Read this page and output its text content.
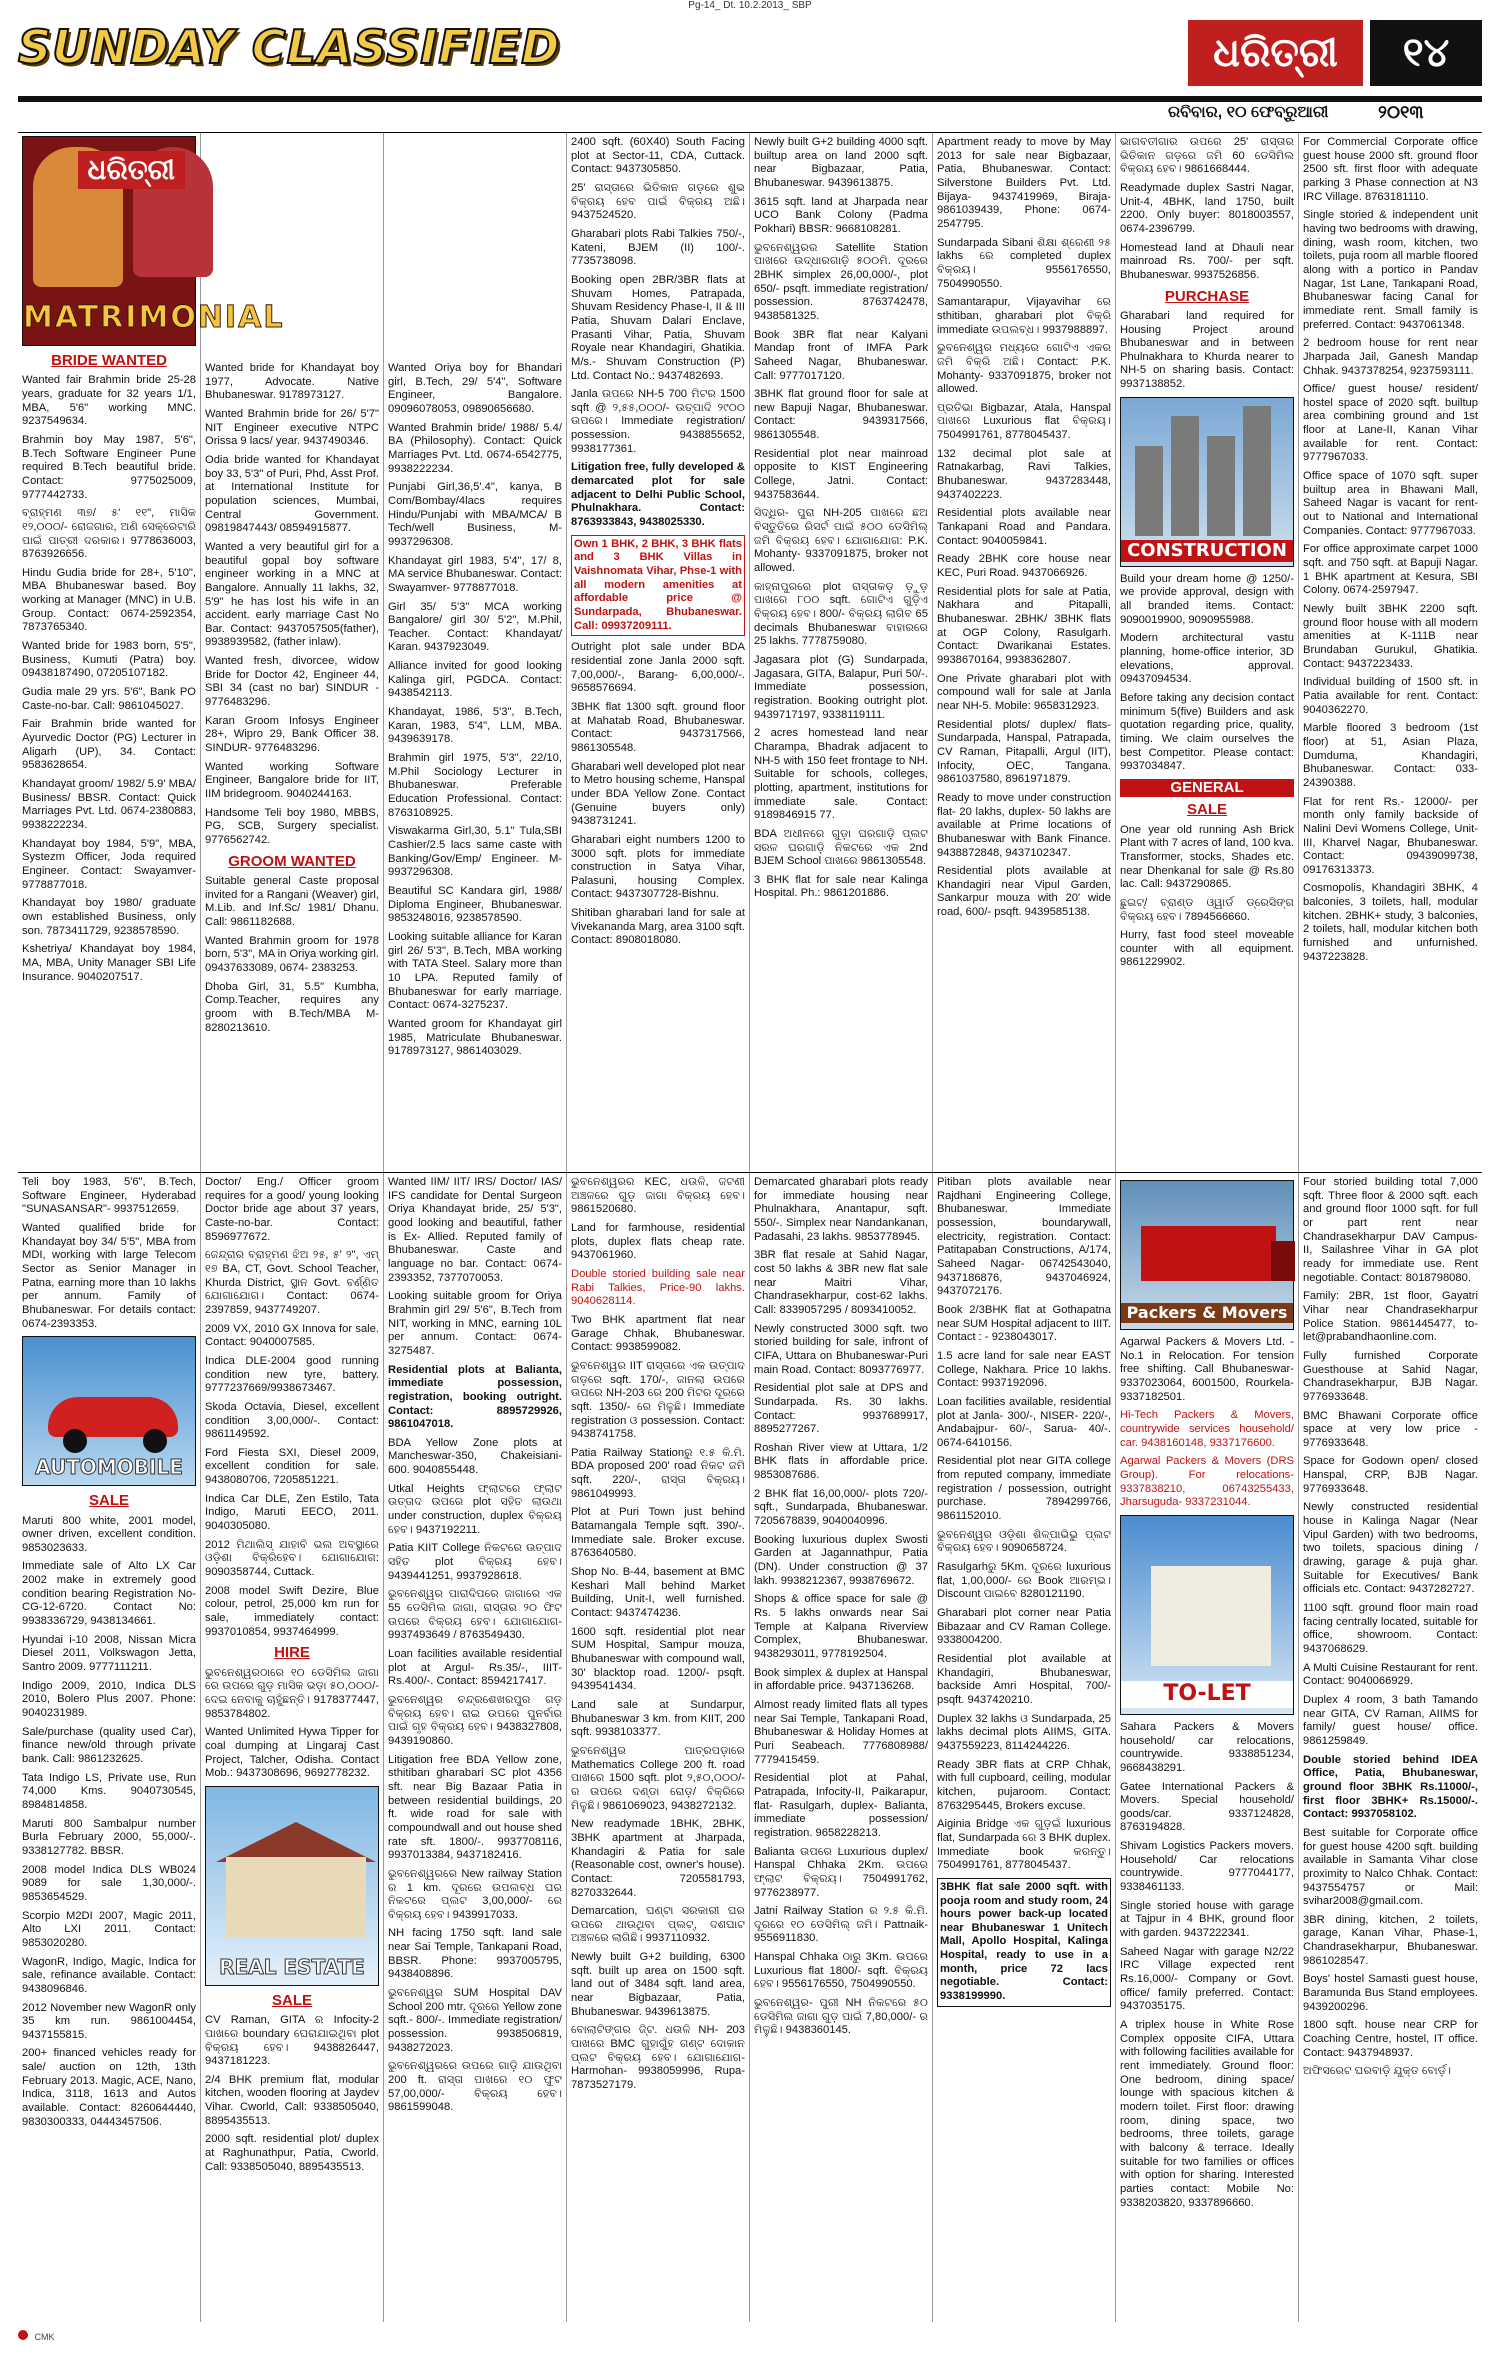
Pg-14_ Dt. 10.2.2013_ SBP
SUNDAY CLASSIFIED	ଧରିତ୍ରୀ	୧୪
ରବିବାର, ୧୦ ଫେବ୍ରୁଆରୀ	୨୦୧୩
ଧରିତ୍ରୀ
MATRIMONIAL
BRIDE WANTED
Wanted fair Brahmin bride 25-28 years, graduate for 32 years 1/1, MBA, 5'6" working MNC. 9237549634.
Brahmin boy May 1987, 5'6", B.Tech Software Engineer Pune required B.Tech beautiful bride. Contact: 9775025009, 9777442733.
ବ୍ରାହ୍ମଣ ୩୭/ ୫' ୧୧", ମାସିକ ୧୨,୦୦୦/- ରୋଜଗାର, ଅଣି ସେକ୍ରେଟାରି ପାଇଁ ପାତ୍ରୀ ଦରକାର। 9778636003, 8763926656.
Hindu Gudia bride for 28+, 5'10", MBA Bhubaneswar based. Boy working at Manager (MNC) in U.B. Group. Contact: 0674-2592354, 7873765340.
Wanted bride for 1983 born, 5'5", Business, Kumuti (Patra) boy. 09438187490, 07205107182.
Gudia male 29 yrs. 5'6", Bank PO Caste-no-bar. Call: 9861045027.
Fair Brahmin bride wanted for Ayurvedic Doctor (PG) Lecturer in Aligarh (UP), 34. Contact: 9583628654.
Khandayat groom/ 1982/ 5.9' MBA/ Business/ BBSR. Contact: Quick Marriages Pvt. Ltd. 0674-2380883, 9938222234.
Khandayat boy 1984, 5'9", MBA, Systezm Officer, Joda required Engineer. Contact: Swayamver- 9778877018.
Khandayat boy 1980/ graduate own established Business, only son. 7873411729, 9238578590.
Kshetriya/ Khandayat boy 1984, MA, MBA, Unity Manager SBI Life Insurance. 9040207517.
Wanted bride for Khandayat boy 1977, Advocate. Native Bhubaneswar. 9178973127.
Wanted Brahmin bride for 26/ 5'7" NIT Engineer executive NTPC Orissa 9 lacs/ year. 9437490346.
Odia bride wanted for Khandayat boy 33, 5'3" of Puri, Phd, Asst Prof. at International Institute for population sciences, Mumbai, Central Government. 09819847443/ 08594915877.
Wanted a very beautiful girl for a beautiful gopal boy software engineer working in a MNC at Bangalore. Annually 11 lakhs, 32, 5'9" he has lost his wife in an accident. early marriage Cast No Bar. Contact: 9437057505(father), 9938939582, (father inlaw).
Wanted fresh, divorcee, widow Bride for Doctor 42, Engineer 44, SBI 34 (cast no bar) SINDUR - 9776483296.
Karan Groom Infosys Engineer 28+, Wipro 29, Bank Officer 38. SINDUR- 9776483296.
Wanted working Software Engineer, Bangalore bride for IIT, IIM bridegroom. 9040244163.
Handsome Teli boy 1980, MBBS, PG, SCB, Surgery specialist. 9776562742.
GROOM WANTED
Suitable general Caste proposal invited for a Rangani (Weaver) girl, M.Lib. and Inf.Sc/ 1981/ Dhanu. Call: 9861182688.
Wanted Brahmin groom for 1978 born, 5'3", MA in Oriya working girl. 09437633089, 0674- 2383253.
Dhoba Girl, 31, 5.5" Kumbha, Comp.Teacher, requires any groom with B.Tech/MBA M- 8280213610.
Wanted Oriya boy for Bhandari girl, B.Tech, 29/ 5'4", Software Engineer, Bangalore. 09096078053, 09890656680.
Wanted Brahmin bride/ 1988/ 5.4/ BA (Philosophy). Contact: Quick Marriages Pvt. Ltd. 0674-6542775, 9938222234.
Punjabi Girl,36,5'.4", kanya, B Com/Bombay/4lacs requires Hindu/Punjabi with MBA/MCA/ B Tech/well Business, M-9937296308.
Khandayat girl 1983, 5'4", 17/ 8, MA service Bhubaneswar. Contact: Swayamver- 9778877018.
Girl 35/ 5'3" MCA working Bangalore/ girl 30/ 5'2", M.Phil, Teacher. Contact: Khandayat/ Karan. 9437923049.
Alliance invited for good looking Kalinga girl, PGDCA. Contact: 9438542113.
Khandayat, 1986, 5'3", B.Tech, Karan, 1983, 5'4", LLM, MBA. 9439639178.
Brahmin girl 1975, 5'3", 22/10, M.Phil Sociology Lecturer in Bhubaneswar. Preferable Education Professional. Contact: 8763108925.
Viswakarma Girl,30, 5.1" Tula,SBI Cashier/2.5 lacs same caste with Banking/Gov/Emp/ Engineer. M-9937296308.
Beautiful SC Kandara girl, 1988/ Diploma Engineer, Bhubaneswar. 9853248016, 9238578590.
Looking suitable alliance for Karan girl 26/ 5'3", B.Tech, MBA working with TATA Steel. Salary more than 10 LPA. Reputed family of Bhubaneswar for early marriage. Contact: 0674-3275237.
Wanted groom for Khandayat girl 1985, Matriculate Bhubaneswar. 9178973127, 9861403029.
2400 sqft. (60X40) South Facing plot at Sector-11, CDA, Cuttack. Contact: 9437305850.
25' ରାସ୍ତାରେ ଭିତିକାନ ଗଡ଼ରେ ଶୁଭ ବିକ୍ରୟ ହେବ ପାଇଁ ବିକ୍ରୟ ଅଛି। 9437524520.
Gharabari plots Rabi Talkies 750/-, Kateni, BJEM (II) 100/-. 7735738098.
Booking open 2BR/3BR flats at Shuvam Homes, Patrapada, Shuvam Residency Phase-I, II & III Patia, Shuvam Dalari Enclave, Prasanti Vihar, Patia, Shuvam Royale near Khandagiri, Ghatikia. M/s.- Shuvam Construction (P) Ltd. Contact No.: 9437482693.
Janla ଉପରେ NH-5 700 ମିଟର 1500 sqft @ ୨,୫୫,୦୦୦/- ଉତ୍ପାଦି ୨୯୦୦ ଉପରେ। Immediate registration/ possession. 9438855652, 9938177361.
Litigation free, fully developed & demarcated plot for sale adjacent to Delhi Public School, Phulnakhara. Contact: 8763933843, 9438025330.
Own 1 BHK, 2 BHK, 3 BHK flats and 3 BHK Villas in Vaishnomata Vihar, Phse-1 with all modern amenities at affordable price @ Sundarpada, Bhubaneswar. Call: 09937209111.
Outright plot sale under BDA residential zone Janla 2000 sqft. 7,00,000/-, Barang- 6,00,000/-. 9658576694.
3BHK flat 1300 sqft. ground floor at Mahatab Road, Bhubaneswar. Contact: 9437317566, 9861305548.
Gharabari well developed plot near to Metro housing scheme, Hanspal under BDA Yellow Zone. Contact (Genuine buyers only) 9438731241.
Gharabari eight numbers 1200 to 3000 sqft. plots for immediate construction in Satya Vihar, Palasuni, housing Complex. Contact: 9437307728-Bishnu.
Shitiban gharabari land for sale at Vivekananda Marg, area 3100 sqft. Contact: 8908018080.
Newly built G+2 building 4000 sqft. builtup area on land 2000 sqft. near Bigbazaar, Patia, Bhubaneswar. 9439613875.
3615 sqft. land at Jharpada near UCO Bank Colony (Padma Pokhari) BBSR: 9668108281.
ଭୁବନେଶ୍ୱରର Satellite Station ପାଖରେ ଉଦ୍ଧାରଗାଡ଼ି ୫୦୦ମି. ଦୂରରେ 2BHK simplex 26,00,000/-, plot 650/- psqft. immediate registration/ possession. 8763742478, 9438581325.
Book 3BR flat near Kalyani Mandap front of IMFA Park Saheed Nagar, Bhubaneswar. Call: 9777017120.
3BHK flat ground floor for sale at new Bapuji Nagar, Bhubaneswar. Contact: 9439317566, 9861305548.
Residential plot near mainroad opposite to KIST Engineering College, Jatni. Contact: 9437583644.
ସିଦ୍ଧିର- ପୁରା NH-205 ପାଖରେ ଛଅ ବିସ୍ତୁତିରେ ରିସର୍ଟ ପାଇଁ ୫୦୦ ଡେସିମିଲ୍ ଜମି ବିକ୍ରୟ ହେବ। ଯୋଗାଯୋଗ: P.K. Mohanty- 9337091875, broker not allowed.
କାହ୍ନାପୁରରେ plot ରାସ୍ତାକଡ଼ ଡ଼ୁଡ଼ ପାଖରେ ୮୦୦ sqft. ଗୋଟିଏ ଗୁଡ଼ିଏ ବିକ୍ରୟ ହେବ। 800/- ବିକ୍ରୟ ଲାଗିବ 65 decimals Bhubaneswar ବାହାରରେ 25 lakhs. 7778759080.
Jagasara plot (G) Sundarpada, Jagasara, GITA, Balapur, Puri 50/-. Immediate possession, registration. Booking outright plot. 9439717197, 9338119111.
2 acres homestead land near Charampa, Bhadrak adjacent to NH-5 with 150 feet frontage to NH. Suitable for schools, colleges, plotting, apartment, institutions for immediate sale. Contact: 9189846915 77.
BDA ଅଧୀନରେ ଗୁଡ଼ା ଘରଗାଡ଼ି ପ୍ଲଟ ସରଳ ଘରଗାଡ଼ି ନିକଟରେ ଏକ 2nd BJEM School ପାଖରେ 9861305548.
3 BHK flat for sale near Kalinga Hospital. Ph.: 9861201886.
Apartment ready to move by May 2013 for sale near Bigbazaar, Patia, Bhubaneswar. Contact: Silverstone Builders Pvt. Ltd. Bijaya- 9437419969, Biraja- 9861039439, Phone: 0674-2547795.
Sundarpada Sibani ଶିକ୍ଷା ଶ୍ରେଣୀ ୨୫ lakhs ରେ completed duplex ବିକ୍ରୟ। 9556176550, 7504990550.
Samantarapur, Vijayavihar ରେ sthitiban, gharabari plot ବିକ୍ରି immediate ଉପଲବ୍ଧ। 9937988897.
ଭୁବନେଶ୍ୱର ମଧ୍ୟରେ ଗୋଟିଏ ଏକର ଜମି ବିକ୍ରି ଅଛି। Contact: P.K. Mohanty- 9337091875, broker not allowed.
ପ୍ରତିଭା Bigbazar, Atala, Hanspal ପାଖରେ Luxurious flat ବିକ୍ରୟ। 7504991761, 8778045437.
132 decimal plot sale at Ratnakarbag, Ravi Talkies, Bhubaneswar. 9437283448, 9437402223.
Residential plots available near Tankapani Road and Pandara. Contact: 9040059841.
Ready 2BHK core house near KEC, Puri Road. 9437066926.
Residential plots for sale at Patia, Nakhara and Pitapalli, Bhubaneswar. 2BHK/ 3BHK flats at OGP Colony, Rasulgarh. Contact: Dwarikanai Estates. 9938670164, 9938362807.
One Private gharabari plot with compound wall for sale at Janla near NH-5. Mobile: 9658312923.
Residential plots/ duplex/ flats- Sundarpada, Hanspal, Patrapada, CV Raman, Pitapalli, Argul (IIT), Infocity, OEC, Tangana. 9861037580, 8961971879.
Ready to move under construction flat- 20 lakhs, duplex- 50 lakhs are available at Prime locations of Bhubaneswar with Bank Finance. 9438872848, 9437102347.
Residential plots available at Khandagiri near Vipul Garden, Sankarpur mouza with 20' wide road, 600/- psqft. 9439585138.
ଭାଗବତୀଗାର ଉପରେ 25' ରାସ୍ତାର ଭିତିକାନ ଗଡ଼ରେ ଜମି 60 ଡେସିମିଲ ବିକ୍ରୟ ହେବ। 9861668444.
Readymade duplex Sastri Nagar, Unit-4, 4BHK, land 1750, built 2200. Only buyer: 8018003557, 0674-2396799.
Homestead land at Dhauli near mainroad Rs. 700/- per sqft. Bhubaneswar. 9937526856.
PURCHASE
Gharabari land required for Housing Project around Bhubaneswar and in between Phulnakhara to Khurda nearer to NH-5 on sharing basis. Contact: 9937138852.
CONSTRUCTION
Build your dream home @ 1250/- we provide approval, design with all branded items. Contact: 9090019900, 9090955988.
Modern architectural vastu planning, home-office interior, 3D elevations, approval. 09437094534.
Before taking any decision contact minimum 5(five) Builders and ask quotation regarding price, quality, timing. We claim ourselves the best Competitor. Please contact: 9937034847.
GENERAL
SALE
One year old running Ash Brick Plant with 7 acres of land, 100 kva. Transformer, stocks, Shades etc. near Dhenkanal for sale @ Rs.80 lac. Call: 9437290865.
ଛୁଇଟ୍/ ବ୍ରାଣ୍ଡ ଓ୍ୱାର୍ଡ ଡ୍ରେସିଙ୍ଗ ବିକ୍ରୟ ହେବ। 7894566660.
Hurry, fast food steel moveable counter with all equipment. 9861229902.
For Commercial Corporate office guest house 2000 sft. ground floor 2500 sft. first floor with adequate parking 3 Phase connection at N3 IRC Village. 8763181110.
Single storied & independent unit having two bedrooms with drawing, dining, wash room, kitchen, two toilets, puja room all marble floored along with a portico in Pandav Nagar, 1st Lane, Tankapani Road, Bhubaneswar facing Canal for immediate rent. Small family is preferred. Contact: 9437061348.
2 bedroom house for rent near Jharpada Jail, Ganesh Mandap Chhak. 9437378254, 9237593111.
Office/ guest house/ resident/ hostel space of 2020 sqft. builtup area combining ground and 1st floor at Lane-II, Kanan Vihar available for rent. Contact: 9777967033.
Office space of 1070 sqft. super builtup area in Bhawani Mall, Saheed Nagar is vacant for rent- out to National and International Companies. Contact: 9777967033.
For office approximate carpet 1000 sqft. and 750 sqft. at Bapuji Nagar. 1 BHK apartment at Kesura, SBI Colony. 0674-2597947.
Newly built 3BHK 2200 sqft. ground floor house with all modern amenities at K-111B near Brundaban Gurukul, Ghatikia. Contact: 9437223433.
Individual building of 1500 sft. in Patia available for rent. Contact: 9040362270.
Marble floored 3 bedroom (1st floor) at 51, Asian Plaza, Dumduma, Khandagiri, Bhubaneswar. Contact: 033-24390388.
Flat for rent Rs.- 12000/- per month only family backside of Nalini Devi Womens College, Unit- III, Kharvel Nagar, Bhubaneswar. Contact: 09439099738, 09176313373.
Cosmopolis, Khandagiri 3BHK, 4 balconies, 3 toilets, hall, modular kitchen. 2BHK+ study, 3 balconies, 2 toilets, hall, modular kitchen both furnished and unfurnished. 9437223828.
Teli boy 1983, 5'6", B.Tech, Software Engineer, Hyderabad "SUNASANSAR"- 9937512659.
Wanted qualified bride for Khandayat boy 34/ 5'5", MBA from MDI, working with large Telecom Sector as Senior Manager in Patna, earning more than 10 lakhs per annum. Family of Bhubaneswar. For details contact: 0674-2393353.
AUTOMOBILE
SALE
Maruti 800 white, 2001 model, owner driven, excellent condition. 9853023633.
Immediate sale of Alto LX Car 2002 make in extremely good condition bearing Registration No- CG-12-6720. Contact No: 9938336729, 9438134661.
Hyundai i-10 2008, Nissan Micra Diesel 2011, Volkswagon Jetta, Santro 2009. 9777111211.
Indigo 2009, 2010, Indica DLS 2010, Bolero Plus 2007. Phone: 9040231989.
Sale/purchase (quality used Car), finance new/old through private bank. Call: 9861232625.
Tata Indigo LS, Private use, Run 74,000 Kms. 9040730545, 8984814858.
Maruti 800 Sambalpur number Burla February 2000, 55,000/-. 9338127782. BBSR.
2008 model Indica DLS WB024 9089 for sale 1,30,000/-. 9853654529.
Scorpio M2DI 2007, Magic 2011, Alto LXI 2011. Contact: 9853020280.
WagonR, Indigo, Magic, Indica for sale, refinance available. Contact: 9438096846.
2012 November new WagonR only 35 km run. 9861004454, 9437155815.
200+ financed vehicles ready for sale/ auction on 12th, 13th February 2013. Magic, ACE, Nano, Indica, 3118, 1613 and Autos available. Contact: 8260644440, 9830300333, 04443457506.
Doctor/ Eng./ Officer groom requires for a good/ young looking Doctor bride age about 37 years, Caste-no-bar. Contact: 8596977672.
ଜେନ୍ଦ୍ରାର ବ୍ରାହ୍ମଣ ଝିଅ ୨୫, ୫' ୨", ଏମ୍ ୧୭ BA, CT, Govt. School Teacher, Khurda District, ସ୍ଥାନ Govt. ବର୍ଣ୍ଣିତ ଯୋଗାଯୋଗ। Contact: 0674- 2397859, 9437749207.
2009 VX, 2010 GX Innova for sale. Contact: 9040007585.
Indica DLE-2004 good running condition new tyre, battery. 9777237669/9938673467.
Skoda Octavia, Diesel, excellent condition 3,00,000/-. Contact: 9861149592.
Ford Fiesta SXI, Diesel 2009, excellent condition for sale. 9438080706, 7205851221.
Indica Car DLE, Zen Estilo, Tata Indigo, Maruti EECO, 2011. 9040305080.
2012 ମିଥାଲିସ୍ ଯାହାବି ଭଲ ଅବସ୍ଥାରେ ଓଡ଼ିଶା ବିକ୍ରିହେବ। ଯୋଗାଯୋଗ: 9090358744, Cuttack.
2008 model Swift Dezire, Blue colour, petrol, 25,000 km run for sale, immediately contact: 9937010854, 9937464999.
HIRE
ଭୁବନେଶ୍ୱରଠାରେ ୧୦ ଡେସିମିଲ ଜାଗା ରେ ଉପରେ ଗୁଡ଼ ମାସିକ ଭଡ଼ା ୫୦,୦୦୦/- ଦେଇ ନେବାକୁ ଚାହୁଁଛନ୍ତି। 9178377447, 9853784802.
Wanted Unlimited Hywa Tipper for coal dumping at Lingaraj Cast Project, Talcher, Odisha. Contact Mob.: 9437308696, 9692778232.
REAL ESTATE
SALE
CV Raman, GITA ର Infocity-2 ପାଖରେ boundary ଘେରାଯାଇଥିବା plot ବିକ୍ରୟ ହେବ। 9438826447, 9437181223.
2/4 BHK premium flat, modular kitchen, wooden flooring at Jaydev Vihar. Cworld, Call: 9338505040, 8895435513.
2000 sqft. residential plot/ duplex at Raghunathpur, Patia, Cworld. Call: 9338505040, 8895435513.
Wanted IIM/ IIT/ IRS/ Doctor/ IAS/ IFS candidate for Dental Surgeon Oriya Khandayat bride, 25/ 5'3", good looking and beautiful, father is Ex- Allied. Reputed family of Bhubaneswar. Caste and language no bar. Contact: 0674-2393352, 7377070053.
Looking suitable groom for Oriya Brahmin girl 29/ 5'6", B.Tech from NIT, working in MNC, earning 10L per annum. Contact: 0674- 3275487.
Residential plots at Balianta, immediate possession, registration, booking outright. Contact: 8895729926, 9861047018.
BDA Yellow Zone plots at Mancheswar-350, Chakeisiani- 600. 9040855448.
Utkal Heights ଫ୍ଲାଟରେ ଫ୍ଲାଟ ଉତ୍ତାଦ ଉପରେ plot ସହିତ ଲାଉଥା under construction, duplex ବିକ୍ରୟ ହେବ। 9437192211.
Patia KIIT College ନିକଟରେ ଉତ୍ପାଦ ସହିତ plot ବିକ୍ରୟ ହେବ। 9439441251, 9937928618.
ଭୁବନେଶ୍ୱର ପାରାଦିପରେ ଜାଗାରେ ଏକ 55 ଡେସିମିଲ ଜାଗା, ରାସ୍ତାର ୨୦ ଫିଟ ଉପରେ ବିକ୍ରୟ ହେବ। ଯୋଗାଯୋଗ- 9937493649 / 8763549430.
Loan facilities available residential plot at Argul- Rs.35/-, IIIT- Rs.400/-. Contact: 8594217417.
ଭୁବନେଶ୍ୱର ଚନ୍ଦ୍ରଶେଖରପୁର ଗଡ଼ ବିକ୍ରୟ ହେବ। ରାଇ ଉପରେ ପୁନର୍ବାର ପାଇଁ ଗୃହ ବିକ୍ରୟ ହେବ। 9438327808, 9439190860.
Litigation free BDA Yellow zone, sthitiban gharabari SC plot 4356 sft. near Big Bazaar Patia in between residential buildings, 20 ft. wide road for sale with compoundwall and out house shed rate sft. 1800/-. 9937708116, 9937013384, 9437182416.
ଭୁବନେଶ୍ୱରରେ New railway Station ର 1 km. ଦୂରରେ ଉପଲବ୍ଧ ଘର ନିକଟରେ ପ୍ଲଟ 3,00,000/- ରେ ବିକ୍ରୟ ହେବ। 9439917033.
NH facing 1750 sqft. land sale near Sai Temple, Tankapani Road, BBSR. Phone: 9937005795, 9438408896.
ଭୁବନେଶ୍ୱର SUM Hospital DAV School 200 mtr. ଦୂରରେ Yellow zone sqft.- 800/-. Immediate registration/ possession. 9938506819, 9438272023.
ଭୁବନେଶ୍ୱରରେ ଉପରେ ଗାଡ଼ି ଯାଉଥିବା 200 ft. ରାସ୍ତା ପାଖରେ ୧୦ ଫୁଟ 57,00,000/- ବିକ୍ରୟ ହେବ। 9861599048.
ଭୁବନେଶ୍ୱରର KEC, ଧଉଳି, ଜଟଣୀ ଅଞ୍ଚଳରେ ଗୁଡ଼ ଜାଗା ବିକ୍ରୟ ହେବ। 9861520680.
Land for farmhouse, residential plots, duplex flats cheap rate. 9437061960.
Double storied building sale near Rabi Talkies, Price-90 lakhs. 9040628114.
Two BHK apartment flat near Garage Chhak, Bhubaneswar. Contact: 9938599082.
ଭୁବନେଶ୍ୱର IIT ରାସ୍ତାରେ ଏକ ଉତ୍ପାଦ ଗଡ଼ରେ sqft. 170/-, ଜାନଲା ଉପରେ ଉପରେ NH-203 ରେ 200 ମିଟର ଦୂରରେ sqft. 1350/- ରେ ମିଳୁଛି। Immediate registration ଓ possession. Contact: 9438741758.
Patia Railway Stationରୁ ୧.୫ କି.ମି. BDA proposed 200' road ନିକଟ ଜମି sqft. 220/-, ରାସ୍ତା ବିକ୍ରୟ। 9861049993.
Plot at Puri Town just behind Batamangala Temple sqft. 390/-. Immediate sale. Broker excuse. 8763640580.
Shop No. B-44, basement at BMC Keshari Mall behind Market Building, Unit-I, well furnished. Contact: 9437474236.
1600 sqft. residential plot near SUM Hospital, Sampur mouza, Bhubaneswar with compound wall, 30' blacktop road. 1200/- psqft. 9439541434.
Land sale at Sundarpur, Bhubaneswar 3 km. from KIIT, 200 sqft. 9938103377.
ଭୁବନେଶ୍ୱର ପାତ୍ରପଡ଼ାରେ Mathematics College 200 ft. road ପାଖରେ 1500 sqft. plot ୨,୫୦,୦୦୦/-ର ଉପରେ ଦଣ୍ଡା ରୋଡ଼/ ବିକ୍ରିରେ ମିଳୁଛି। 9861069023, 9438272132.
New readymade 1BHK, 2BHK, 3BHK apartment at Jharpada, Khandagiri & Patia for sale (Reasonable cost, owner's house). Contact: 7205581793, 8270332644.
Demarcation, ଘଣ୍ଟା ସରକାରୀ ଘର ଉପରେ ଥାଉଥିବା ପ୍ଲଟ୍, ଦଶଘାଟ ଅଞ୍ଚଳରେ ଲାଗିଛି। 9937110932.
Newly built G+2 building, 6300 sqft. built up area on 1500 sqft. land out of 3484 sqft. land area, near Bigbazaar, Patia, Bhubaneswar. 9439613875.
ବୋଲାଟିଙ୍ଗର ଜି୍ଟ. ଧଉଳି NH- 203 ପାଖରେ BMC ଗୁହାଗୁଁହ ଗଣ୍ଟ ଦୋକାନ ପ୍ଲଟ ବିକ୍ରୟ ହେବ। ଯୋଗାଯୋଗ- Harmohan- 9938059996, Rupa- 7873527179.
Demarcated gharabari plots ready for immediate housing near Phulnakhara, Anantapur, sqft. 550/-. Simplex near Nandankanan, Padasahi, 23 lakhs. 9853778945.
3BR flat resale at Sahid Nagar, cost 50 lakhs & 3BR new flat sale near Maitri Vihar, Chandrasekharpur, cost-62 lakhs. Call: 8339057295 / 8093410052.
Newly constructed 3000 sqft. two storied building for sale, infront of CIFA, Uttara on Bhubaneswar-Puri main Road. Contact: 8093776977.
Residential plot sale at DPS and Sundarpada. Rs. 30 lakhs. Contact: 9937689917, 8895277267.
Roshan River view at Uttara, 1/2 BHK flats in affordable price. 9853087686.
2 BHK flat 16,00,000/- plots 720/-sqft., Sundarpada, Bhubaneswar. 7205678839, 9040040996.
Booking luxurious duplex Swosti Garden at Jagannathpur, Patia (DN). Under construction @ 37 lakh. 9938212367, 9938769672.
Shops & office space for sale @ Rs. 5 lakhs onwards near Sai Temple at Kalpana Riverview Complex, Bhubaneswar. 9438293011, 9778192504.
Book simplex & duplex at Hanspal in affordable price. 9437136268.
Almost ready limited flats all types near Sai Temple, Tankapani Road, Bhubaneswar & Holiday Homes at Puri Seabeach. 7776808988/ 7779415459.
Residential plot at Pahal, Patrapada, Infocity-II, Paikarapur, flat- Rasulgarh, duplex- Balianta, immediate possession/ registration. 9658228213.
Balianta ଉପରେ Luxurious duplex/ Hanspal Chhaka 2Km. ଉପରେ ଫ୍ଲାଟ ବିକ୍ରୟ। 7504991762, 9776238977.
Jatni Railway Station ର ୨.୫ କି.ମି. ଦୂରରେ ୧୦ ଡେସିମିଲ୍ ଜମି। Pattnaik- 9556911830.
Hanspal Chhaka ଠାରୁ 3Km. ଉପରେ Luxurious flat 1800/- sqft. ବିକ୍ରୟ ହେବ। 9556176550, 7504990550.
ଭୁବନେଶ୍ୱର- ପୁରୀ NH ନିକଟରେ ୫୦ ଡେସିମିଲ ଜାଗା ଗୁଡ଼ ପାଇଁ 7,80,000/- ର ମିଳୁଛି। 9438360145.
Pitiban plots available near Rajdhani Engineering College, Bhubaneswar. Immediate possession, boundarywall, electricity, registration. Contact: Patitapaban Constructions, A/174, Saheed Nagar- 06742543040, 9437186876, 9437046924, 9437072176.
Book 2/3BHK flat at Gothapatna near SUM Hospital adjacent to IIIT. Contact : - 9238043017.
1.5 acre land for sale near EAST College, Nakhara. Price 10 lakhs. Contact: 9937192096.
Loan facilities available, residential plot at Janla- 300/-, NISER- 220/-, Andabajpur- 60/-, Sarua- 40/-. 0674-6410156.
Residential plot near GITA college from reputed company, immediate registration / possession, outright purchase. 7894299766, 9861152010.
ଭୁବନେଶ୍ୱର ଓଡ଼ିଶା ଶିଳ୍ପାଭିଭୁ ପ୍ଲଟ ବିକ୍ରୟ ହେବ। 9090658724.
Rasulgarhରୁ 5Km. ଦୂରରେ luxurious flat, 1,00,000/- ରେ Book ଆରମ୍ଭ। Discount ପାଇବେ 8280121190.
Gharabari plot corner near Patia Bibazaar and CV Raman College. 9338004200.
Residential plot available at Khandagiri, Bhubaneswar, backside Amri Hospital, 700/- psqft. 9437420210.
Duplex 32 lakhs ଓ Sundarpada, 25 lakhs decimal plots AIIMS, GITA. 9437559223, 8114244226.
Ready 3BR flats at CRP Chhak, with full cupboard, ceiling, modular kitchen, pujaroom. Contact: 8763295445, Brokers excuse.
Aiginia Bridge ଏକ ଗୁଡ଼ଇଁ luxurious flat, Sundarpada ରେ 3 BHK duplex. Immediate book କରନ୍ତୁ। 7504991761, 8778045437.
3BHK flat sale 2000 sqft. with pooja room and study room, 24 hours power back-up located near Bhubaneswar 1 Unitech Mall, Apollo Hospital, Kalinga Hospital, ready to use in a month, price 72 lacs negotiable. Contact: 9338199990.
Packers & Movers
Agarwal Packers & Movers Ltd. - No.1 in Relocation. For tension free shifting. Call Bhubaneswar- 9337023064, 6001500, Rourkela- 9337182501.
Hi-Tech Packers & Movers, countrywide services household/ car. 9438160148, 9337176600.
Agarwal Packers & Movers (DRS Group). For relocations- 9337838210, 06743255433, Jharsuguda- 9337231044.
TO-LET
Sahara Packers & Movers household/ car relocations, countrywide. 9338851234, 9668438291.
Gatee International Packers & Movers. Special household/ goods/car. 9337124828, 8763194828.
Shivam Logistics Packers movers. Household/ Car relocations countrywide. 9777044177, 9338461133.
Single storied house with garage at Tajpur in 4 BHK, ground floor with garden. 9437222341.
Saheed Nagar with garage N2/22 IRC Village expected rent Rs.16,000/- Company or Govt. office/ family preferred. Contact: 9437035175.
A triplex house in White Rose Complex opposite CIFA, Uttara with following facilities available for rent immediately. Ground floor: One bedroom, dining space/ lounge with spacious kitchen & modern toilet. First floor: drawing room, dining space, two bedrooms, three toilets, garage with balcony & terrace. Ideally suitable for two families or offices with option for sharing. Interested parties contact: Mobile No: 9338203820, 9337896660.
Four storied building total 7,000 sqft. Three floor & 2000 sqft. each and ground floor 1000 sqft. for full or part rent near Chandrasekharpur DAV Campus-II, Sailashree Vihar in GA plot ready for immediate use. Rent negotiable. Contact: 8018798080.
Family: 2BR, 1st floor, Gayatri Vihar near Chandrasekharpur Police Station. 9861445477, to- let@prabandhaonline.com.
Fully furnished Corporate Guesthouse at Sahid Nagar, Chandrasekharpur, BJB Nagar. 9776933648.
BMC Bhawani Corporate office space at very low price - 9776933648.
Space for Godown open/ closed Hanspal, CRP, BJB Nagar. 9776933648.
Newly constructed residential house in Kalinga Nagar (Near Vipul Garden) with two bedrooms, two toilets, spacious dining / drawing, garage & puja ghar. Suitable for Executives/ Bank officials etc. Contact: 9437282727.
1100 sqft. ground floor main road facing centrally located, suitable for office, showroom. Contact: 9437068629.
A Multi Cuisine Restaurant for rent. Contact: 9040066929.
Duplex 4 room, 3 bath Tamando near GITA, CV Raman, AIIMS for family/ guest house/ office. 9861259849.
Double storied behind IDEA Office, Patia, Bhubaneswar, ground floor 3BHK Rs.11000/-, first floor 3BHK+ Rs.15000/-. Contact: 9937058102.
Best suitable for Corporate office for guest house 4200 sqft. building available in Samanta Vihar close proximity to Nalco Chhak. Contact: 9437554757 or Mail: svihar2008@gmail.com.
3BR dining, kitchen, 2 toilets, garage, Kanan Vihar, Phase-1, Chandrasekharpur, Bhubaneswar. 9861028547.
Boys' hostel Samasti guest house, Baramunda Bus Stand employees. 9439200296.
1800 sqft. house near CRP for Coaching Centre, hostel, IT office. Contact: 9437948937.
ଅଫିସରେଟ ଘରବାଡ଼ି ଯୁକ୍ତ ବୋର୍ଡ଼।
CMK
